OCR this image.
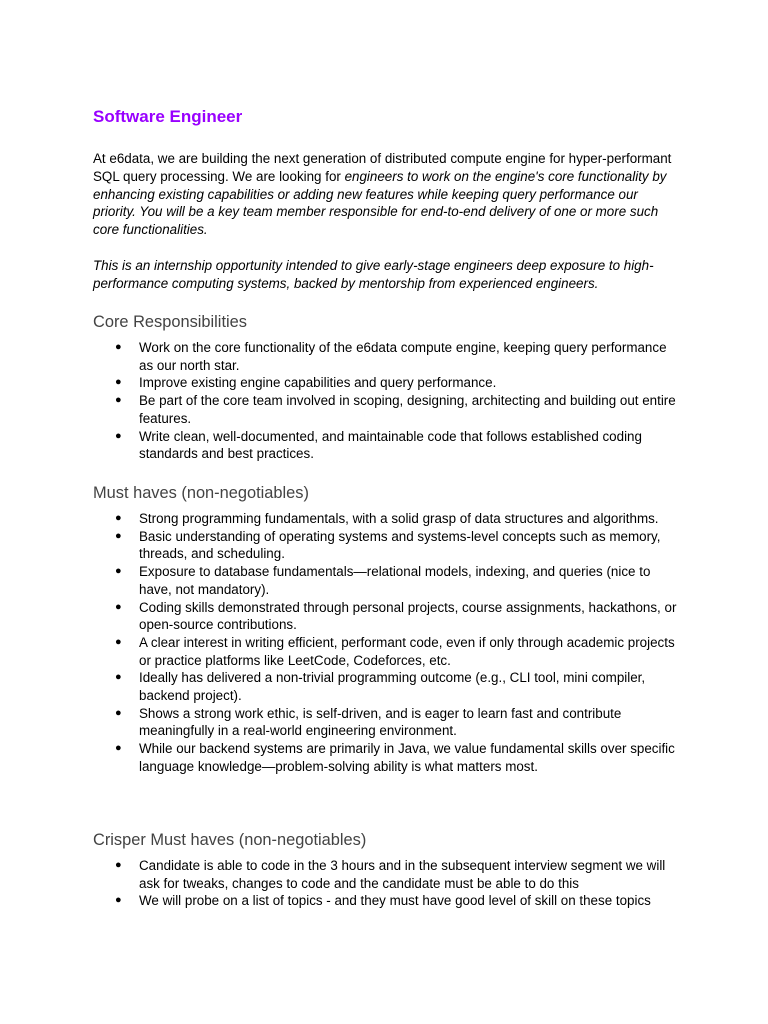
Software Engineer

At e6data, we are building the next generation of distributed compute engine for hyper-performant SQL query processing. We are looking for engineers to work on the engine's core functionality by enhancing existing capabilities or adding new features while keeping query performance our priority. You will be a key team member responsible for end-to-end delivery of one or more such core functionalities.

This is an internship opportunity intended to give early-stage engineers deep exposure to high-performance computing systems, backed by mentorship from experienced engineers.

Core Responsibilities
● Work on the core functionality of the e6data compute engine, keeping query performance as our north star.
● Improve existing engine capabilities and query performance.
● Be part of the core team involved in scoping, designing, architecting and building out entire features.
● Write clean, well-documented, and maintainable code that follows established coding standards and best practices.
Must haves (non-negotiables)
● Strong programming fundamentals, with a solid grasp of data structures and algorithms.
● Basic understanding of operating systems and systems-level concepts such as memory, threads, and scheduling.
● Exposure to database fundamentals—relational models, indexing, and queries (nice to have, not mandatory).
● Coding skills demonstrated through personal projects, course assignments, hackathons, or open-source contributions.
● A clear interest in writing efficient, performant code, even if only through academic projects or practice platforms like LeetCode, Codeforces, etc.
● Ideally has delivered a non-trivial programming outcome (e.g., CLI tool, mini compiler, backend project).
● Shows a strong work ethic, is self-driven, and is eager to learn fast and contribute meaningfully in a real-world engineering environment.
● While our backend systems are primarily in Java, we value fundamental skills over specific language knowledge—problem-solving ability is what matters most.
Crisper Must haves (non-negotiables)
● Candidate is able to code in the 3 hours and in the subsequent interview segment we will ask for tweaks, changes to code and the candidate must be able to do this
● We will probe on a list of topics - and they must have good level of skill on these topics
